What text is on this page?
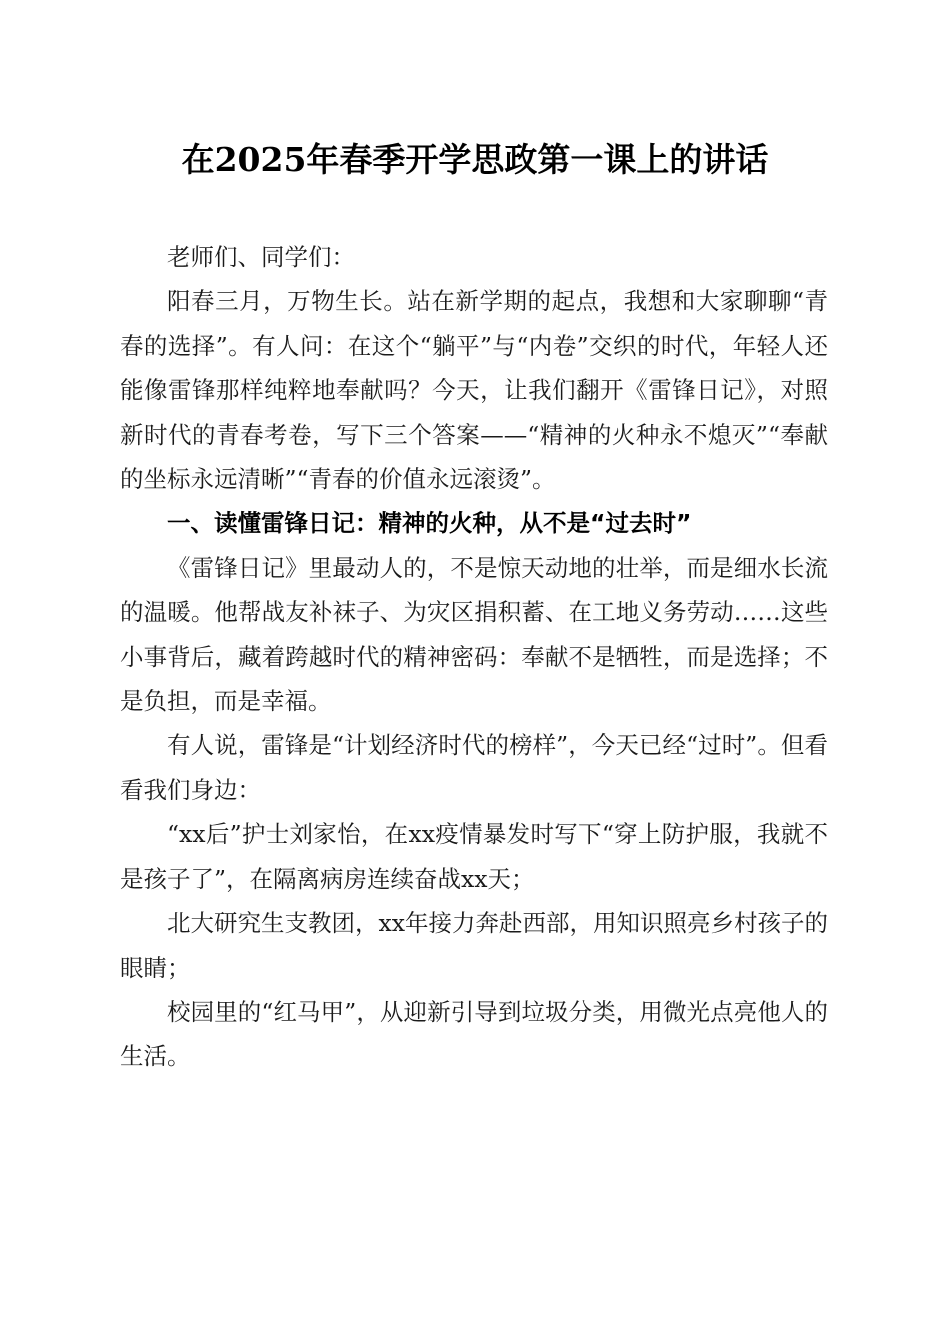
在2025年春季开学思政第一课上的讲话

老师们、同学们：

阳春三月，万物生长。站在新学期的起点，我想和大家聊聊“青春的选择”。有人问：在这个“躺平”与“内卷”交织的时代，年轻人还能像雷锋那样纯粹地奉献吗？今天，让我们翻开《雷锋日记》，对照新时代的青春考卷，写下三个答案——“精神的火种永不熄灭”“奉献的坐标永远清晰”“青春的价值永远滚烫”。

一、读懂雷锋日记：精神的火种，从不是“过去时”

《雷锋日记》里最动人的，不是惊天动地的壮举，而是细水长流的温暖。他帮战友补袜子、为灾区捐积蓄、在工地义务劳动……这些小事背后，藏着跨越时代的精神密码：奉献不是牺牲，而是选择；不是负担，而是幸福。

有人说，雷锋是“计划经济时代的榜样”，今天已经“过时”。但看看我们身边：

“xx后”护士刘家怡，在xx疫情暴发时写下“穿上防护服，我就不是孩子了”，在隔离病房连续奋战xx天；

北大研究生支教团，xx年接力奔赴西部，用知识照亮乡村孩子的眼睛；

校园里的“红马甲”，从迎新引导到垃圾分类，用微光点亮他人的生活。
